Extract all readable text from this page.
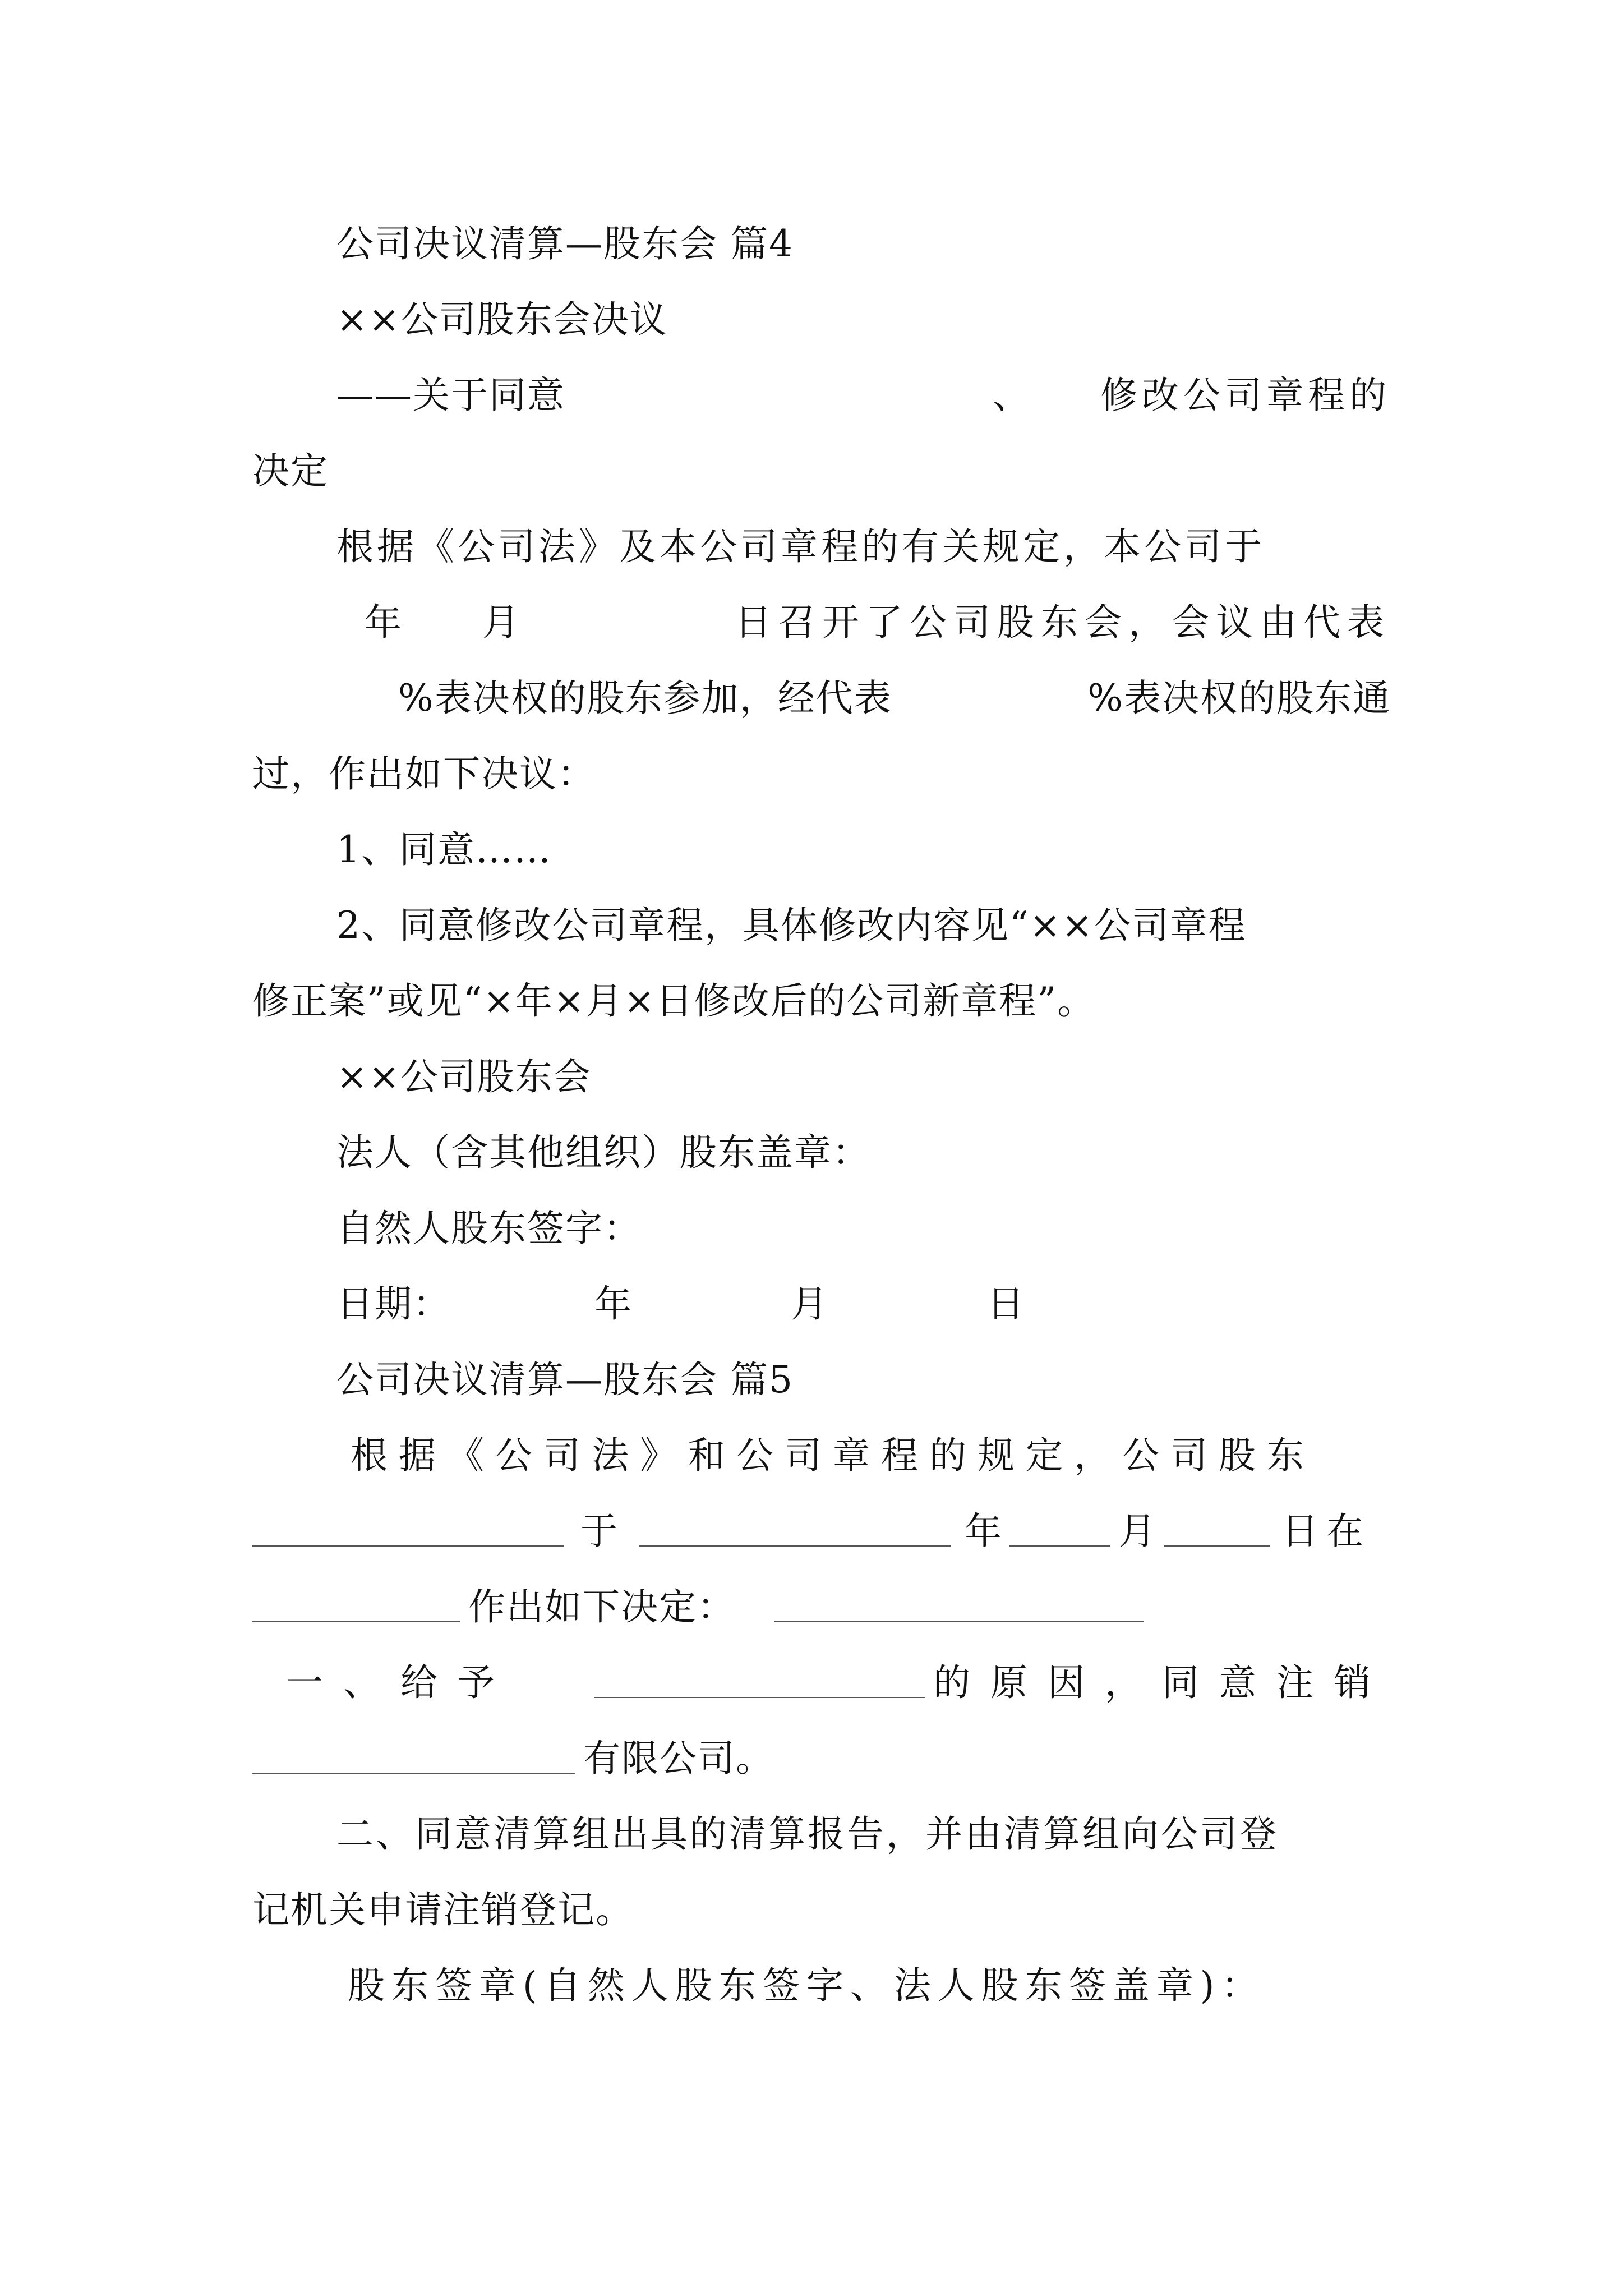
公司决议清算—股东会 篇4
××公司股东会决议
——关于同意	、 修改公司章程的
决定
根据《公司法》及本公司章程的有关规定，本公司于
年 月	日召开了公司股东会，会议由代表
%表决权的股东参加，经代表	%表决权的股东通
过，作出如下决议：
1、同意……
2、同意修改公司章程，具体修改内容见“××公司章程
修正案”或见“×年×月×日修改后的公司新章程”。
××公司股东会
法人（含其他组织）股东盖章：
自然人股东签字：
日期：	年	月	日
公司决议清算—股东会 篇5
根据《公司法》和公司章程的规定，公司股东
于	年	月	日在
作出如下决定：
一、给予	的原因，同意注销
有限公司。
二、同意清算组出具的清算报告，并由清算组向公司登
记机关申请注销登记。
股东签章(自然人股东签字、法人股东签盖章)：
